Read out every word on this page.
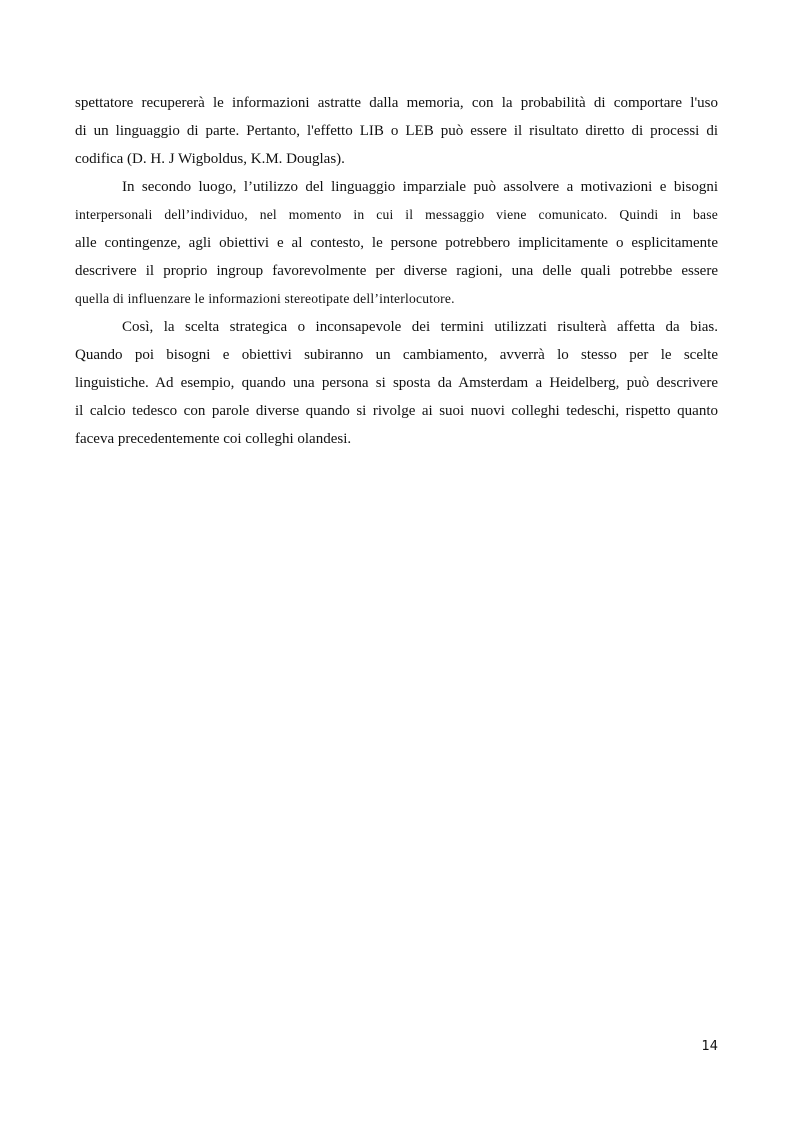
spettatore recupererà le informazioni astratte dalla memoria, con la probabilità di comportare l'uso
di un linguaggio di parte. Pertanto, l'effetto LIB o LEB può essere il risultato diretto di processi di
codifica (D. H. J Wigboldus, K.M. Douglas).
In secondo luogo, l’utilizzo del linguaggio imparziale può assolvere a motivazioni e bisogni
interpersonali dell’individuo, nel momento in cui il messaggio viene comunicato. Quindi in base
alle contingenze, agli obiettivi e al contesto, le persone potrebbero implicitamente o esplicitamente
descrivere il proprio ingroup favorevolmente per diverse ragioni, una delle quali potrebbe essere
quella di influenzare le informazioni stereotipate dell’interlocutore.
Così, la scelta strategica o inconsapevole dei termini utilizzati risulterà affetta da bias.
Quando poi bisogni e obiettivi subiranno un cambiamento, avverrà lo stesso per le scelte
linguistiche. Ad esempio, quando una persona si sposta da Amsterdam a Heidelberg, può descrivere
il calcio tedesco con parole diverse quando si rivolge ai suoi nuovi colleghi tedeschi, rispetto quanto
faceva precedentemente coi colleghi olandesi.
14
